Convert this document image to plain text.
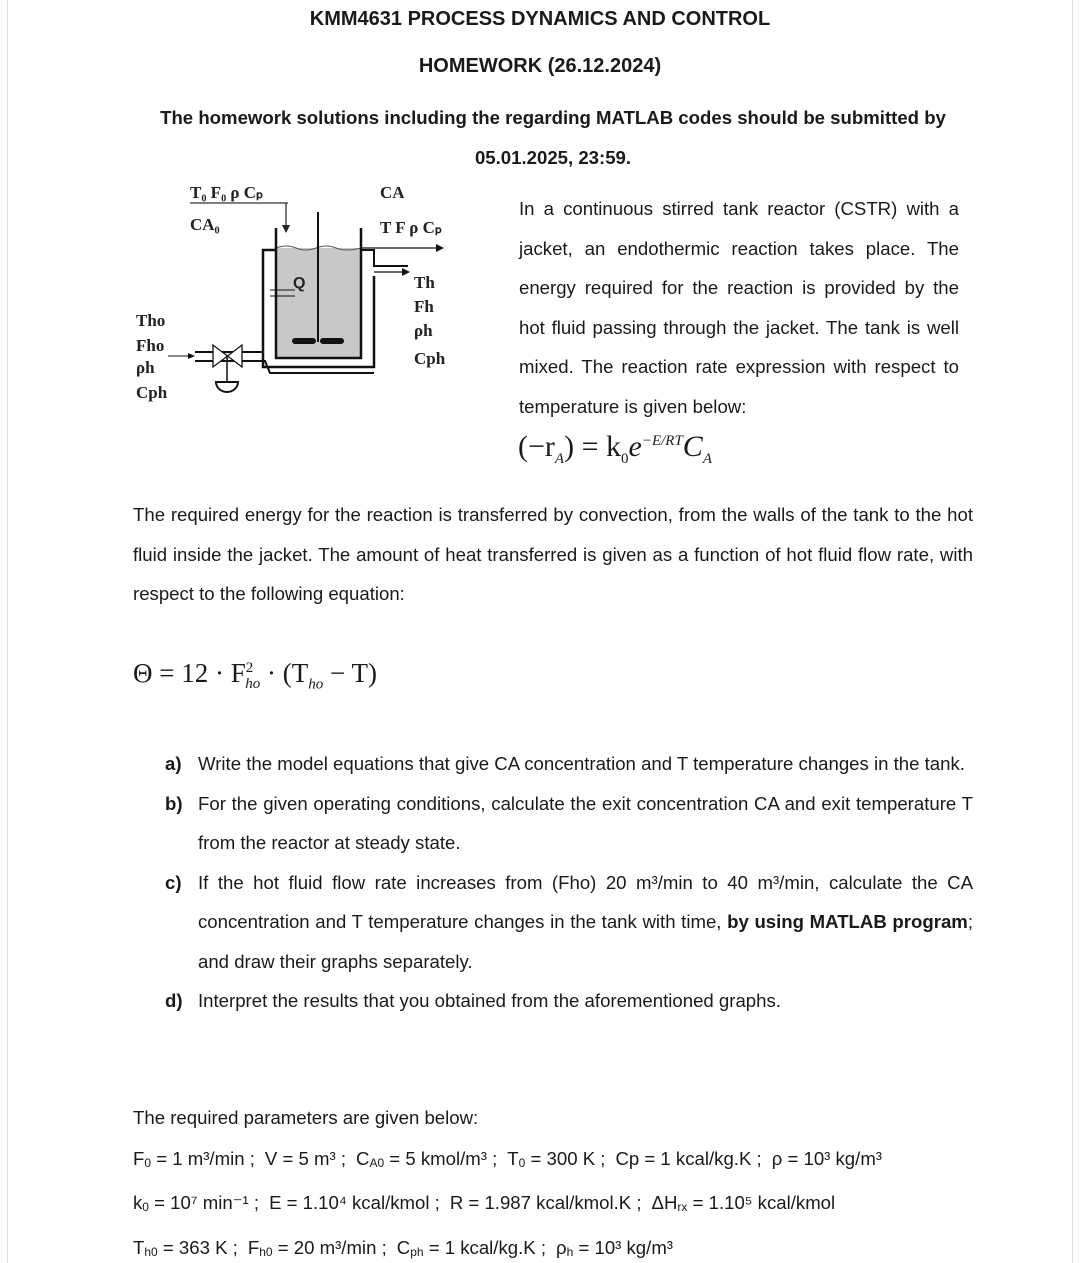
KMM4631 PROCESS DYNAMICS AND CONTROL
HOMEWORK (26.12.2024)
The homework solutions including the regarding MATLAB codes should be submitted by
05.01.2025, 23:59.
T₀ F₀ ρ Cₚ
CA₀
CA
T F ρ Cₚ
Q
Tho
Fho
ρh
Cph
Th
Fh
ρh
Cph
In a continuous stirred tank reactor (CSTR) with a jacket, an endothermic reaction takes place. The energy required for the reaction is provided by the hot fluid passing through the jacket. The tank is well mixed. The reaction rate expression with respect to temperature is given below:
$(-r_A) = k_0e^{-E/RT}C_A$
The required energy for the reaction is transferred by convection, from the walls of the tank to the hot fluid inside the jacket. The amount of heat transferred is given as a function of hot fluid flow rate, with respect to the following equation:
$\Theta = 12 \cdot F^2_{ho} \cdot (T_{ho} - T)$
a) Write the model equations that give CA concentration and T temperature changes in the tank.
b) For the given operating conditions, calculate the exit concentration CA and exit temperature T from the reactor at steady state.
c) If the hot fluid flow rate increases from (Fho) 20 m³/min to 40 m³/min, calculate the CA concentration and T temperature changes in the tank with time, by using MATLAB program; and draw their graphs separately.
d) Interpret the results that you obtained from the aforementioned graphs.
The required parameters are given below:
$F_0 = 1$ m³/min ; V = 5 m³ ; $C_{A0} = 5$ kmol/m³ ; $T_0 = 300$ K ; Cp = 1 kcal/kg.K ; ρ = 10³ kg/m³
$k_0 = 10^7$ min⁻¹ ; E = 1.10⁴ kcal/kmol ; R = 1.987 kcal/kmol.K ; $\Delta H_{rx} = 1.10^5$ kcal/kmol
$T_{h0} = 363$ K ; $F_{h0} = 20$ m³/min ; $C_{ph} = 1$ kcal/kg.K ; $\rho_h = 10^3$ kg/m³
